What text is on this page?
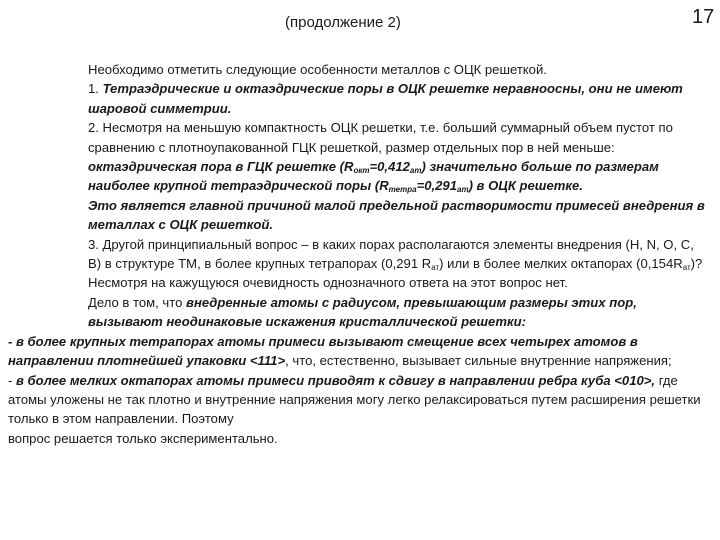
(продолжение 2)	17

Необходимо отметить следующие особенности металлов с ОЦК решеткой.

1. Тетраэдрические и октаэдрические поры в ОЦК решетке неравноосны, они не имеют шаровой симметрии.

2. Несмотря на меньшую компактность ОЦК решетки, т.е. больший суммарный объем пустот по сравнению с плотноупакованной ГЦК решеткой, размер отдельных пор в ней меньше: октаэдрическая пора в ГЦК решетке $(R_{окт}=0,412_{ат})$ значительно больше по размерам наиболее крупной тетраэдрической поры $(R_{тетра}=0,291_{ат})$ в ОЦК решетке.

Это является главной причиной малой предельной растворимости примесей внедрения в металлах с ОЦК решеткой.

3. Другой принципиальный вопрос – в каких порах располагаются элементы внедрения (H, N, O, C, B) в структуре ТМ, в более крупных тетрапорах (0,291 $R_{ат}$) или в более мелких октапорах $(0,154R_{ат})$? Несмотря на кажущуюся очевидность однозначного ответа на этот вопрос нет.

Дело в том, что внедренные атомы с радиусом, превышающим размеры этих пор, вызывают неодинаковые искажения кристаллической решетки:

- в более крупных тетрапорах атомы примеси вызывают смещение всех четырех атомов в направлении плотнейшей упаковки <111>, что, естественно, вызывает сильные внутренние напряжения;

- в более мелких октапорах атомы примеси приводят к сдвигу в направлении ребра куба <010>, где атомы уложены не так плотно и внутренние напряжения могу легко релаксироваться путем расширения решетки только в этом направлении. Поэтому

вопрос решается только экспериментально.
